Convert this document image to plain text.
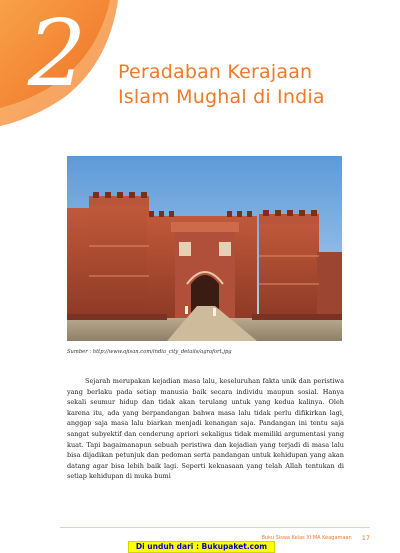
2	Peradaban Kerajaan
Islam Mughal di India
Sumber : http://www.ojisan.com/india_city_details/agrafort.jpg

Sejarah merupakan kejadian masa lalu, keseluruhan fakta unik dan peristiwa yang berlaku pada setiap manusia baik secara individu maupun sosial. Hanya sekali seumur hidup dan tidak akan terulang untuk yang kedua kalinya. Oleh karena itu, ada yang berpandangan bahwa masa lalu tidak perlu difikirkan lagi, anggap saja masa lalu biarkan menjadi kenangan saja. Pandangan ini tentu saja sangat subyektif dan cenderung apriori sekaligus tidak memiliki argumentasi yang kuat. Tapi bagaimanapun sebuah peristiwa dan kejadian yang terjadi di masa lalu bisa dijadikan petunjuk dan pedoman serta pandangan untuk kehidupan yang akan datang agar bisa lebih baik lagi. Seperti kekuasaan yang telah Allah tentukan di setiap kehidupan di muka bumi

Buku Siswa Kelas XI MA Keagamaan 17
Di unduh dari : Bukupaket.com
